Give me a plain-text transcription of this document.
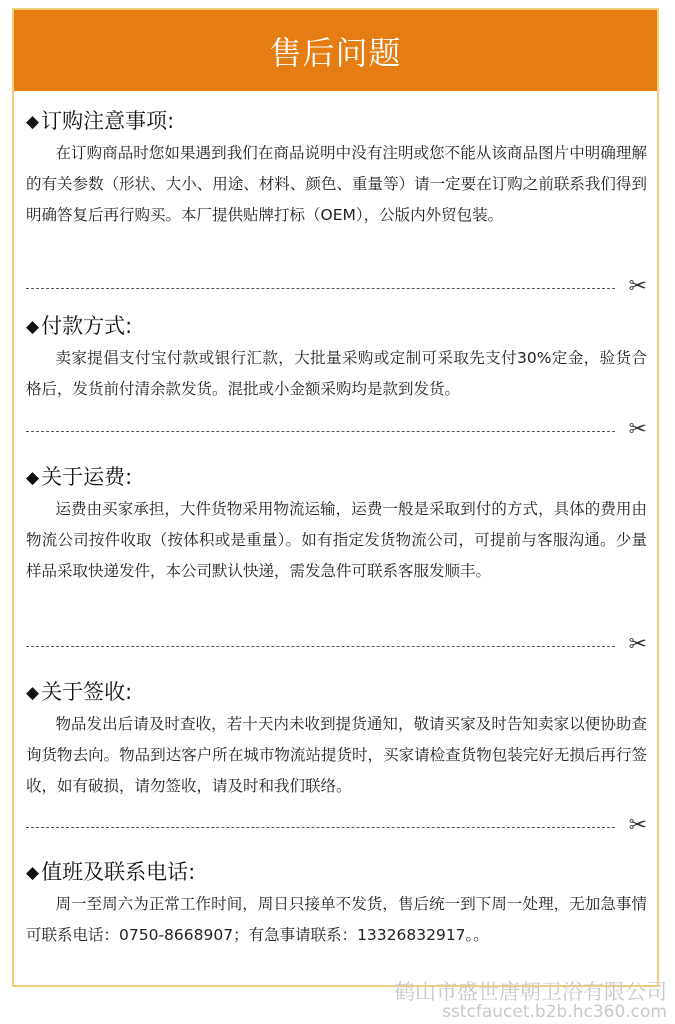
售后问题
◆订购注意事项:
在订购商品时您如果遇到我们在商品说明中没有注明或您不能从该商品图片中明确理解的有关参数（形状、大小、用途、材料、颜色、重量等）请一定要在订购之前联系我们得到明确答复后再行购买。本厂提供贴牌打标（OEM），公版内外贸包装。
✂
◆付款方式:
卖家提倡支付宝付款或银行汇款，大批量采购或定制可采取先支付30%定金，验货合格后，发货前付清余款发货。混批或小金额采购均是款到发货。
✂
◆关于运费:
运费由买家承担，大件货物采用物流运输，运费一般是采取到付的方式，具体的费用由物流公司按件收取（按体积或是重量）。如有指定发货物流公司，可提前与客服沟通。少量样品采取快递发件，本公司默认快递，需发急件可联系客服发顺丰。
✂
◆关于签收:
物品发出后请及时查收，若十天内未收到提货通知，敬请买家及时告知卖家以便协助查询货物去向。物品到达客户所在城市物流站提货时，买家请检查货物包装完好无损后再行签收，如有破损，请勿签收，请及时和我们联络。
✂
◆值班及联系电话:
周一至周六为正常工作时间，周日只接单不发货，售后统一到下周一处理，无加急事情可联系电话：0750-8668907；有急事请联系：13326832917。。
鹤山市盛世唐朝卫浴有限公司
sstcfaucet.b2b.hc360.com
